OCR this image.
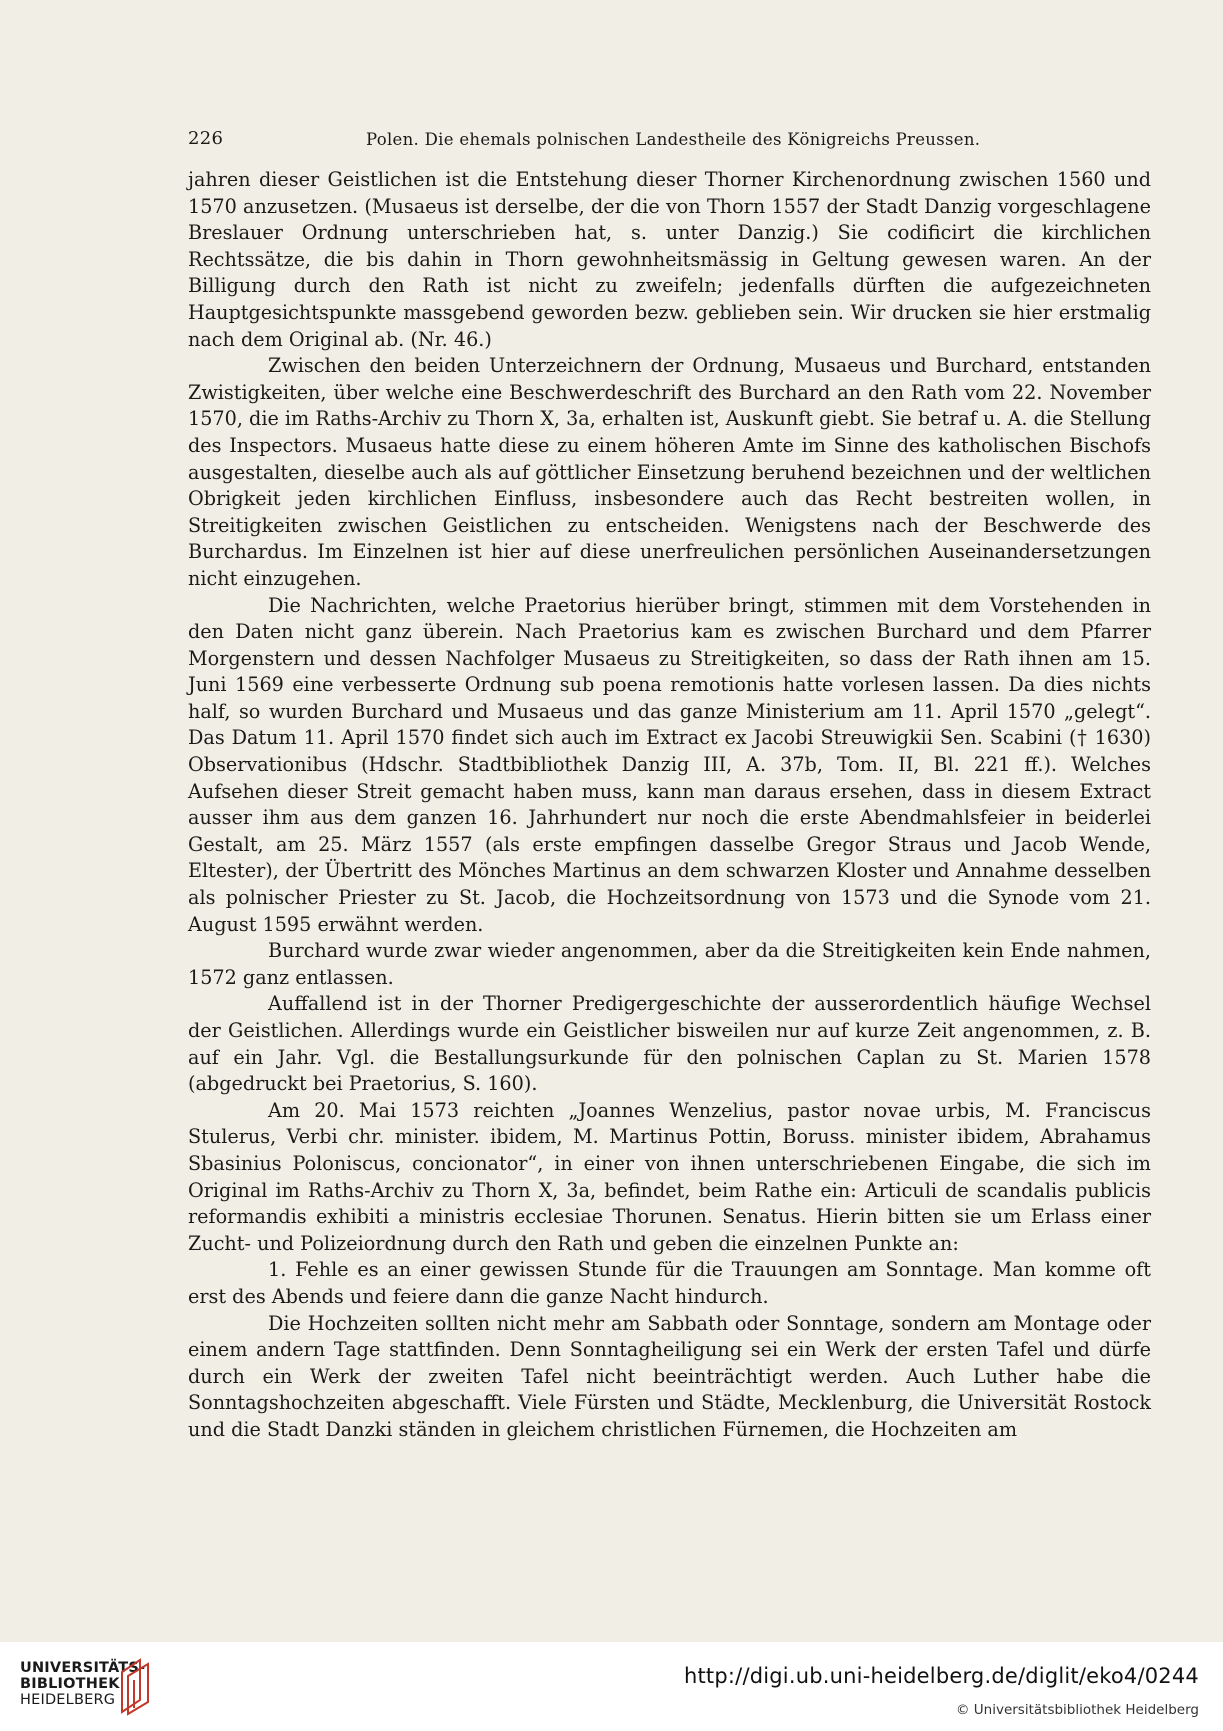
226	Polen. Die ehemals polnischen Landestheile des Königreichs Preussen.

jahren dieser Geistlichen ist die Entstehung dieser Thorner Kirchenordnung zwischen 1560 und 1570 anzusetzen. (Musaeus ist derselbe, der die von Thorn 1557 der Stadt Danzig vorgeschlagene Breslauer Ordnung unterschrieben hat, s. unter Danzig.) Sie codificirt die kirchlichen Rechtssätze, die bis dahin in Thorn gewohnheitsmässig in Geltung gewesen waren. An der Billigung durch den Rath ist nicht zu zweifeln; jedenfalls dürften die aufgezeichneten Hauptgesichtspunkte massgebend geworden bezw. geblieben sein. Wir drucken sie hier erstmalig nach dem Original ab. (Nr. 46.)

Zwischen den beiden Unterzeichnern der Ordnung, Musaeus und Burchard, entstanden Zwistigkeiten, über welche eine Beschwerdeschrift des Burchard an den Rath vom 22. November 1570, die im Raths-Archiv zu Thorn X, 3a, erhalten ist, Auskunft giebt. Sie betraf u. A. die Stellung des Inspectors. Musaeus hatte diese zu einem höheren Amte im Sinne des katholischen Bischofs ausgestalten, dieselbe auch als auf göttlicher Einsetzung beruhend bezeichnen und der weltlichen Obrigkeit jeden kirchlichen Einfluss, insbesondere auch das Recht bestreiten wollen, in Streitigkeiten zwischen Geistlichen zu entscheiden. Wenigstens nach der Beschwerde des Burchardus. Im Einzelnen ist hier auf diese unerfreulichen persönlichen Auseinandersetzungen nicht einzugehen.

Die Nachrichten, welche Praetorius hierüber bringt, stimmen mit dem Vorstehenden in den Daten nicht ganz überein. Nach Praetorius kam es zwischen Burchard und dem Pfarrer Morgenstern und dessen Nachfolger Musaeus zu Streitigkeiten, so dass der Rath ihnen am 15. Juni 1569 eine verbesserte Ordnung sub poena remotionis hatte vorlesen lassen. Da dies nichts half, so wurden Burchard und Musaeus und das ganze Ministerium am 11. April 1570 „gelegt“. Das Datum 11. April 1570 findet sich auch im Extract ex Jacobi Streuwigkii Sen. Scabini († 1630) Observationibus (Hdschr. Stadtbibliothek Danzig III, A. 37b, Tom. II, Bl. 221 ff.). Welches Aufsehen dieser Streit gemacht haben muss, kann man daraus ersehen, dass in diesem Extract ausser ihm aus dem ganzen 16. Jahrhundert nur noch die erste Abendmahlsfeier in beiderlei Gestalt, am 25. März 1557 (als erste empfingen dasselbe Gregor Straus und Jacob Wende, Eltester), der Übertritt des Mönches Martinus an dem schwarzen Kloster und Annahme desselben als polnischer Priester zu St. Jacob, die Hochzeitsordnung von 1573 und die Synode vom 21. August 1595 erwähnt werden.

Burchard wurde zwar wieder angenommen, aber da die Streitigkeiten kein Ende nahmen, 1572 ganz entlassen.

Auffallend ist in der Thorner Predigergeschichte der ausserordentlich häufige Wechsel der Geistlichen. Allerdings wurde ein Geistlicher bisweilen nur auf kurze Zeit angenommen, z. B. auf ein Jahr. Vgl. die Bestallungsurkunde für den polnischen Caplan zu St. Marien 1578 (abgedruckt bei Praetorius, S. 160).

Am 20. Mai 1573 reichten „Joannes Wenzelius, pastor novae urbis, M. Franciscus Stulerus, Verbi chr. minister. ibidem, M. Martinus Pottin, Boruss. minister ibidem, Abrahamus Sbasinius Poloniscus, concionator“, in einer von ihnen unterschriebenen Eingabe, die sich im Original im Raths-Archiv zu Thorn X, 3a, befindet, beim Rathe ein: Articuli de scandalis publicis reformandis exhibiti a ministris ecclesiae Thorunen. Senatus. Hierin bitten sie um Erlass einer Zucht- und Polizeiordnung durch den Rath und geben die einzelnen Punkte an:

1. Fehle es an einer gewissen Stunde für die Trauungen am Sonntage. Man komme oft erst des Abends und feiere dann die ganze Nacht hindurch.

Die Hochzeiten sollten nicht mehr am Sabbath oder Sonntage, sondern am Montage oder einem andern Tage stattfinden. Denn Sonntagheiligung sei ein Werk der ersten Tafel und dürfe durch ein Werk der zweiten Tafel nicht beeinträchtigt werden. Auch Luther habe die Sonntagshochzeiten abgeschafft. Viele Fürsten und Städte, Mecklenburg, die Universität Rostock und die Stadt Danzki ständen in gleichem christlichen Fürnemen, die Hochzeiten am

UNIVERSITÄTS-
BIBLIOTHEK
HEIDELBERG
http://digi.ub.uni-heidelberg.de/diglit/eko4/0244
© Universitätsbibliothek Heidelberg
